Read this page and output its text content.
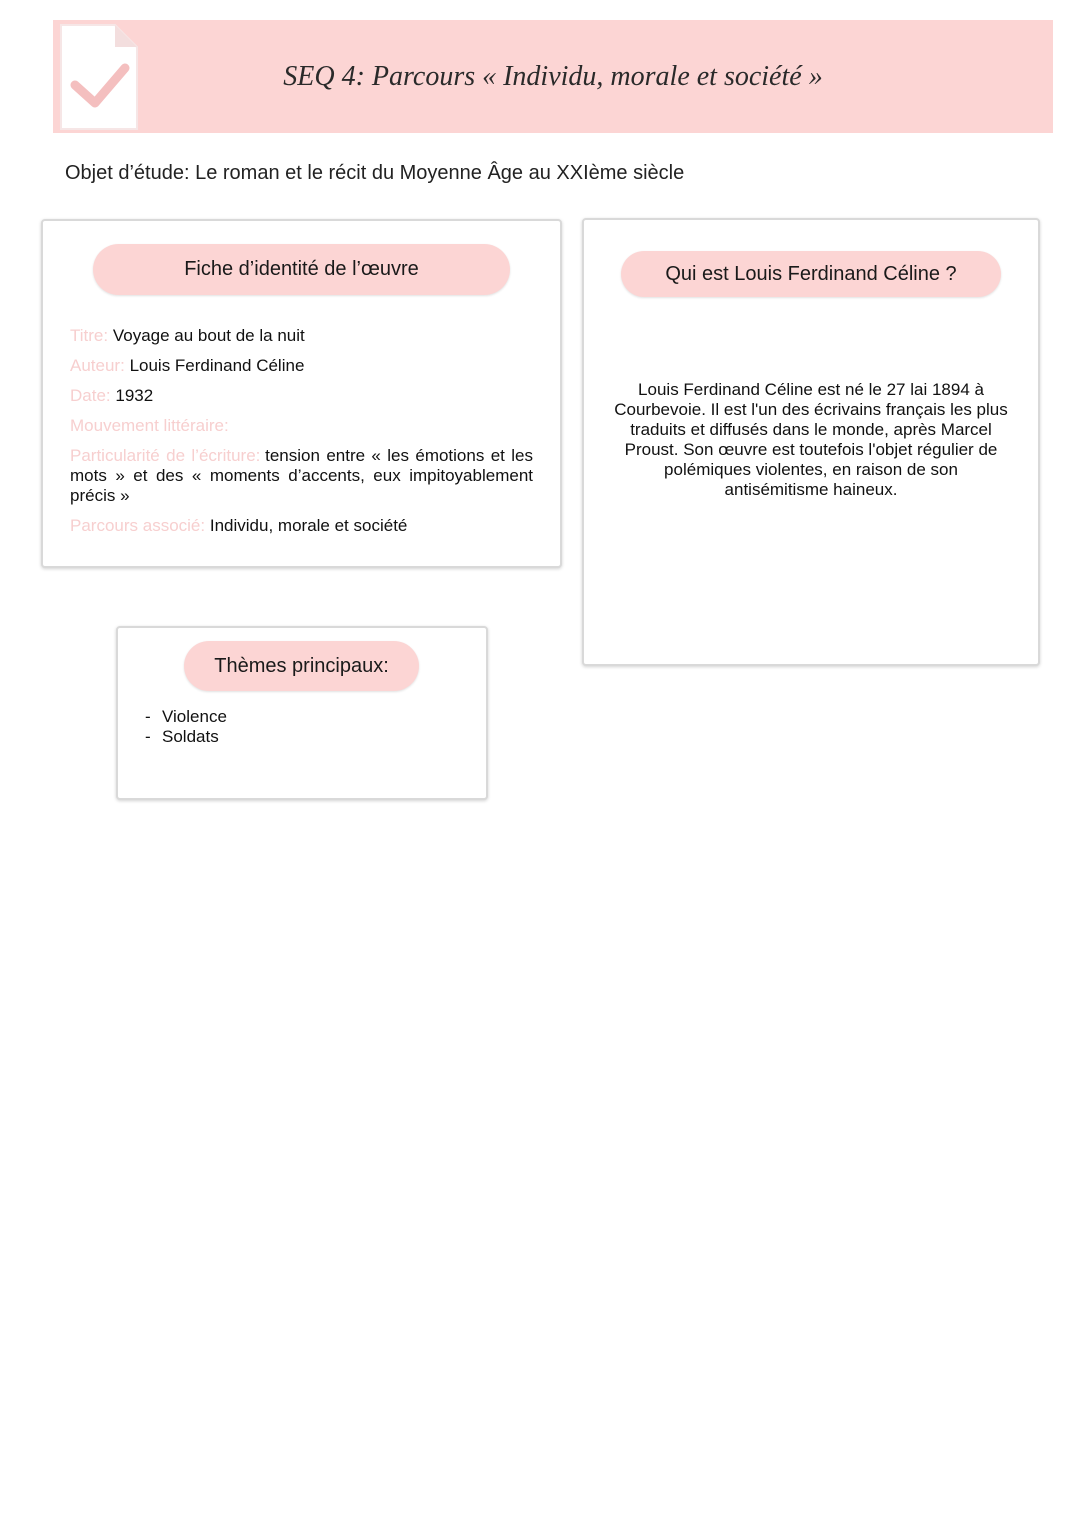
SEQ 4: Parcours « Individu, morale et société »
Objet d’étude: Le roman et le récit du Moyenne Âge au XXIème siècle
Fiche d’identité de l’œuvre
Titre: Voyage au bout de la nuit
Auteur: Louis Ferdinand Céline
Date: 1932
Mouvement littéraire:
Particularité de l’écriture: tension entre « les émotions et les
mots » et des « moments d’accents, eux impitoyablement
précis »
Parcours associé: Individu, morale et société
Qui est Louis Ferdinand Céline ?
Louis Ferdinand Céline est né le 27 lai 1894 à
Courbevoie. Il est l'un des écrivains français les plus
traduits et diffusés dans le monde, après Marcel
Proust. Son œuvre est toutefois l'objet régulier de
polémiques violentes, en raison de son
antisémitisme haineux.
Thèmes principaux:
- Violence
- Soldats
